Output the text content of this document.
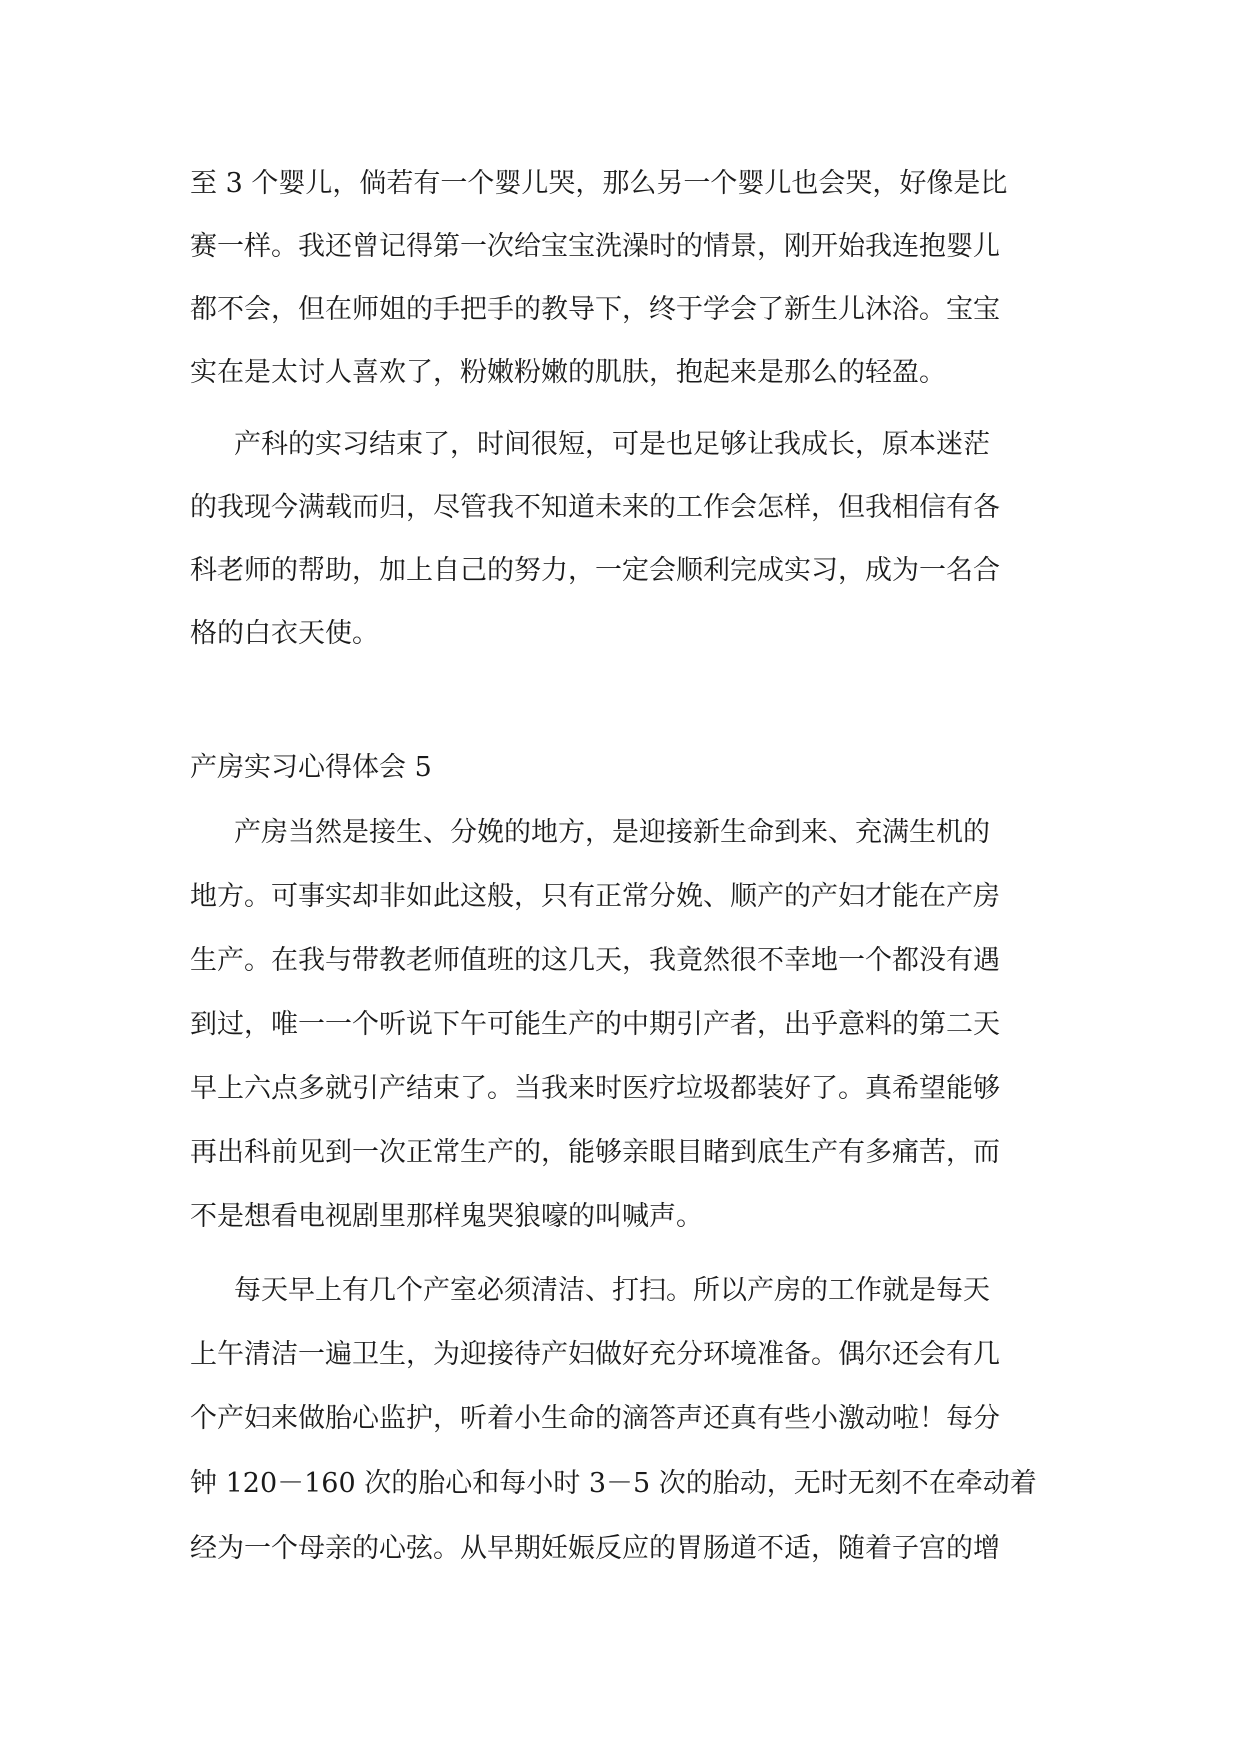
至 3 个婴儿，倘若有一个婴儿哭，那么另一个婴儿也会哭，好像是比
赛一样。我还曾记得第一次给宝宝洗澡时的情景，刚开始我连抱婴儿
都不会，但在师姐的手把手的教导下，终于学会了新生儿沐浴。宝宝
实在是太讨人喜欢了，粉嫩粉嫩的肌肤，抱起来是那么的轻盈。
产科的实习结束了，时间很短，可是也足够让我成长，原本迷茫
的我现今满载而归，尽管我不知道未来的工作会怎样，但我相信有各
科老师的帮助，加上自己的努力，一定会顺利完成实习，成为一名合
格的白衣天使。
产房实习心得体会 5
产房当然是接生、分娩的地方，是迎接新生命到来、充满生机的
地方。可事实却非如此这般，只有正常分娩、顺产的产妇才能在产房
生产。在我与带教老师值班的这几天，我竟然很不幸地一个都没有遇
到过，唯一一个听说下午可能生产的中期引产者，出乎意料的第二天
早上六点多就引产结束了。当我来时医疗垃圾都装好了。真希望能够
再出科前见到一次正常生产的，能够亲眼目睹到底生产有多痛苦，而
不是想看电视剧里那样鬼哭狼嚎的叫喊声。
每天早上有几个产室必须清洁、打扫。所以产房的工作就是每天
上午清洁一遍卫生，为迎接待产妇做好充分环境准备。偶尔还会有几
个产妇来做胎心监护，听着小生命的滴答声还真有些小激动啦！每分
钟 120－160 次的胎心和每小时 3－5 次的胎动，无时无刻不在牵动着
经为一个母亲的心弦。从早期妊娠反应的胃肠道不适，随着子宫的增
